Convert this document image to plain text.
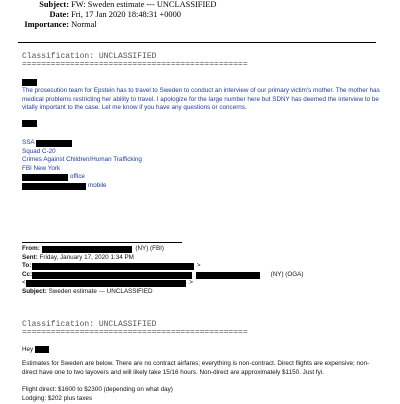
Subject: FW: Sweden estimate --- UNCLASSIFIED
Date: Fri, 17 Jan 2020 18:48:31 +0000
Importance: Normal
Classification: UNCLASSIFIED
===============================================
The prosecution team for Epstein has to travel to Sweden to conduct an interview of our primary victim's mother. The mother has medical problems restricting her ability to travel. I apologize for the large number here but SDNY has deemed the interview to be vitally important to the case. Let me know if you have any questions or concerns.
SSA
Squad C-20
Crimes Against Children/Human Trafficking
FBI New York
office
mobile
From:	(NY) (FBI)
Sent: Friday, January 17, 2020 1:34 PM
To:	>
Cc:	(NY) (OGA)
<	>
Subject: Sweden estimate --- UNCLASSIFIED
Classification: UNCLASSIFIED
===============================================
Hey
Estimates for Sweden are below. There are no contract airfares; everything is non-contract. Direct flights are expensive; non-direct have one to two layovers and will likely take 15/16 hours. Non-direct are approximately $1150. Just fyi.
Flight direct: $1600 to $2300 (depending on what day)
Lodging: $202 plus taxes
